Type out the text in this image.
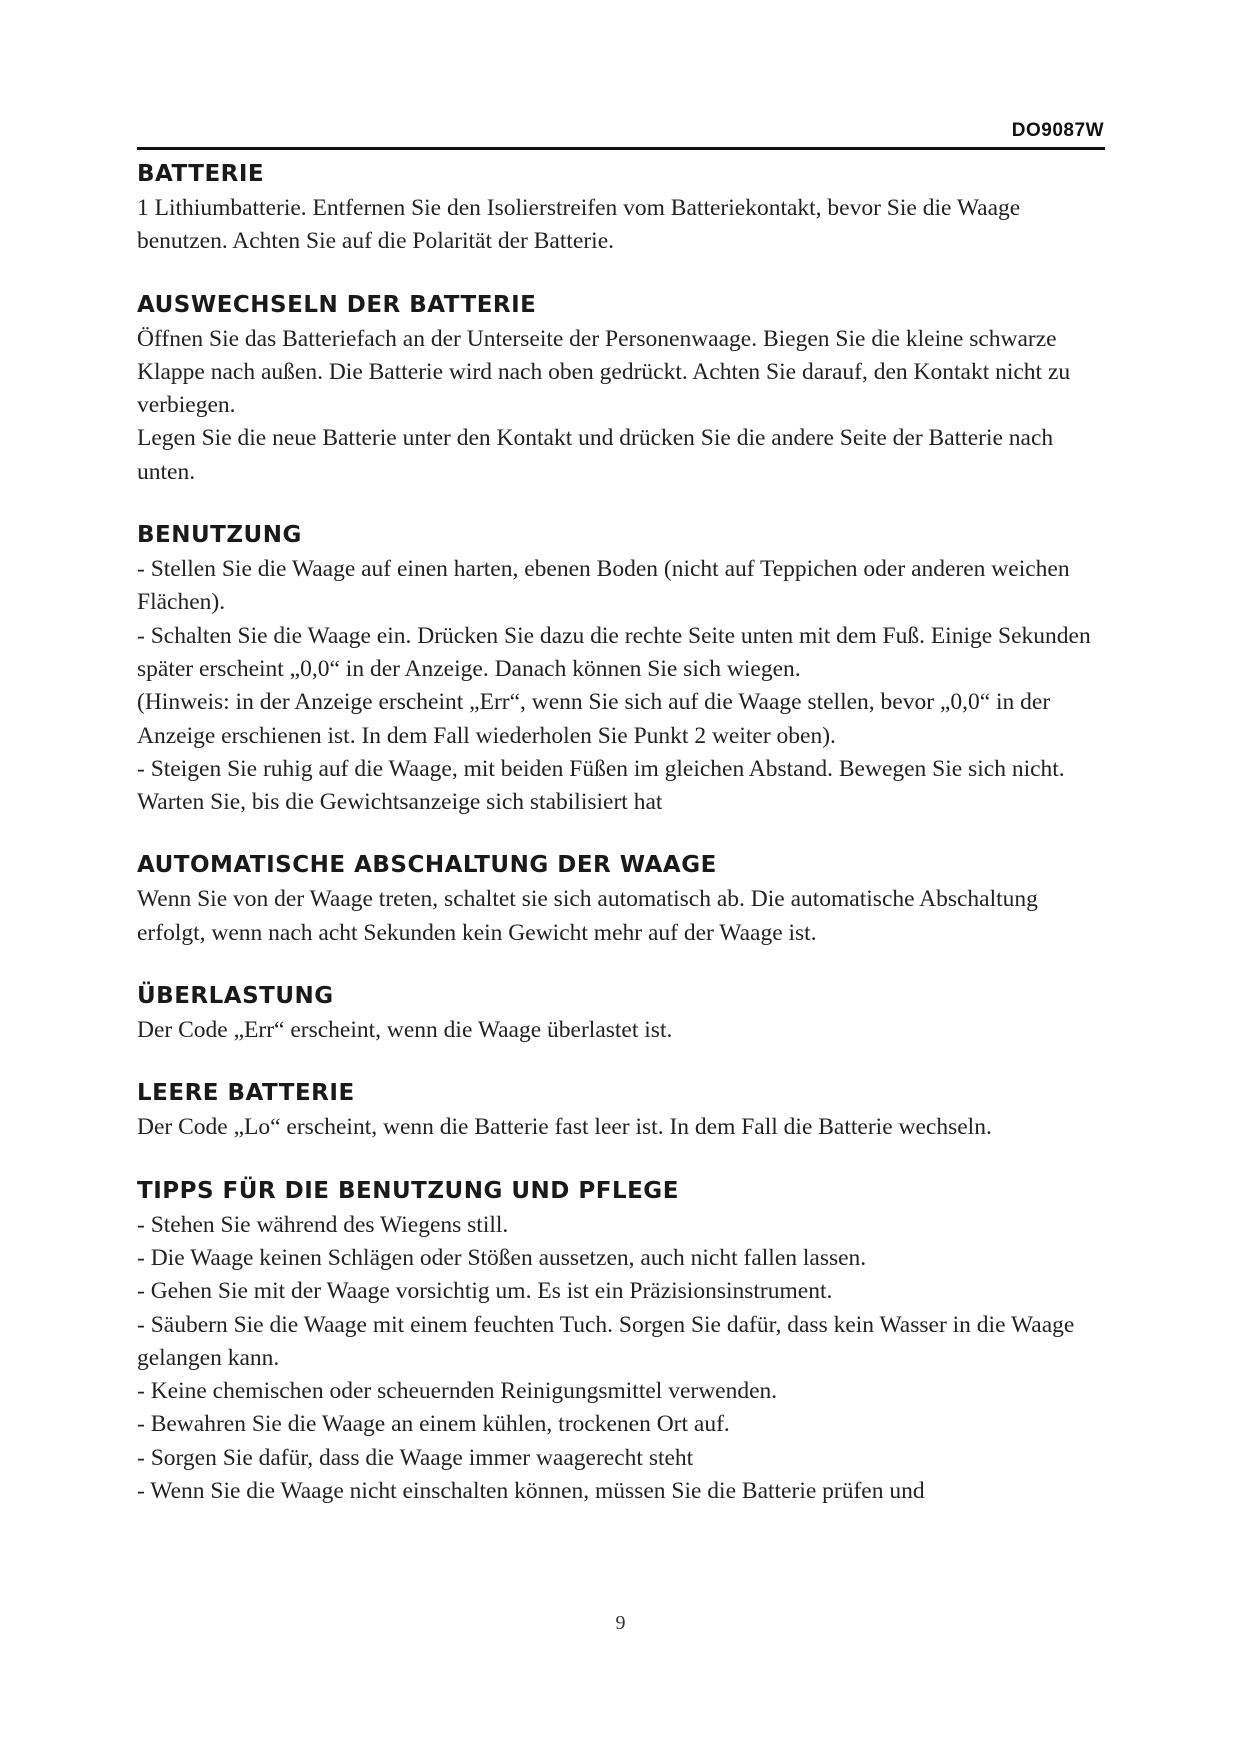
DO9087W
BATTERIE

1 Lithiumbatterie. Entfernen Sie den Isolierstreifen vom Batteriekontakt, bevor Sie die Waage benutzen. Achten Sie auf die Polarität der Batterie.

AUSWECHSELN DER BATTERIE

Öffnen Sie das Batteriefach an der Unterseite der Personenwaage. Biegen Sie die kleine schwarze Klappe nach außen. Die Batterie wird nach oben gedrückt. Achten Sie darauf, den Kontakt nicht zu verbiegen.

Legen Sie die neue Batterie unter den Kontakt und drücken Sie die andere Seite der Batterie nach unten.

BENUTZUNG

- Stellen Sie die Waage auf einen harten, ebenen Boden (nicht auf Teppichen oder anderen weichen Flächen).

- Schalten Sie die Waage ein. Drücken Sie dazu die rechte Seite unten mit dem Fuß. Einige Sekunden später erscheint „0,0“ in der Anzeige. Danach können Sie sich wiegen.

(Hinweis: in der Anzeige erscheint „Err“, wenn Sie sich auf die Waage stellen, bevor „0,0“ in der Anzeige erschienen ist. In dem Fall wiederholen Sie Punkt 2 weiter oben).

- Steigen Sie ruhig auf die Waage, mit beiden Füßen im gleichen Abstand. Bewegen Sie sich nicht. Warten Sie, bis die Gewichtsanzeige sich stabilisiert hat

AUTOMATISCHE ABSCHALTUNG DER WAAGE

Wenn Sie von der Waage treten, schaltet sie sich automatisch ab. Die automatische Abschaltung erfolgt, wenn nach acht Sekunden kein Gewicht mehr auf der Waage ist.

ÜBERLASTUNG

Der Code „Err“ erscheint, wenn die Waage überlastet ist.

LEERE BATTERIE

Der Code „Lo“ erscheint, wenn die Batterie fast leer ist. In dem Fall die Batterie wechseln.

TIPPS FÜR DIE BENUTZUNG UND PFLEGE

- Stehen Sie während des Wiegens still.

- Die Waage keinen Schlägen oder Stößen aussetzen, auch nicht fallen lassen.

- Gehen Sie mit der Waage vorsichtig um. Es ist ein Präzisionsinstrument.

- Säubern Sie die Waage mit einem feuchten Tuch. Sorgen Sie dafür, dass kein Wasser in die Waage gelangen kann.

- Keine chemischen oder scheuernden Reinigungsmittel verwenden.

- Bewahren Sie die Waage an einem kühlen, trockenen Ort auf.

- Sorgen Sie dafür, dass die Waage immer waagerecht steht

- Wenn Sie die Waage nicht einschalten können, müssen Sie die Batterie prüfen und

9
